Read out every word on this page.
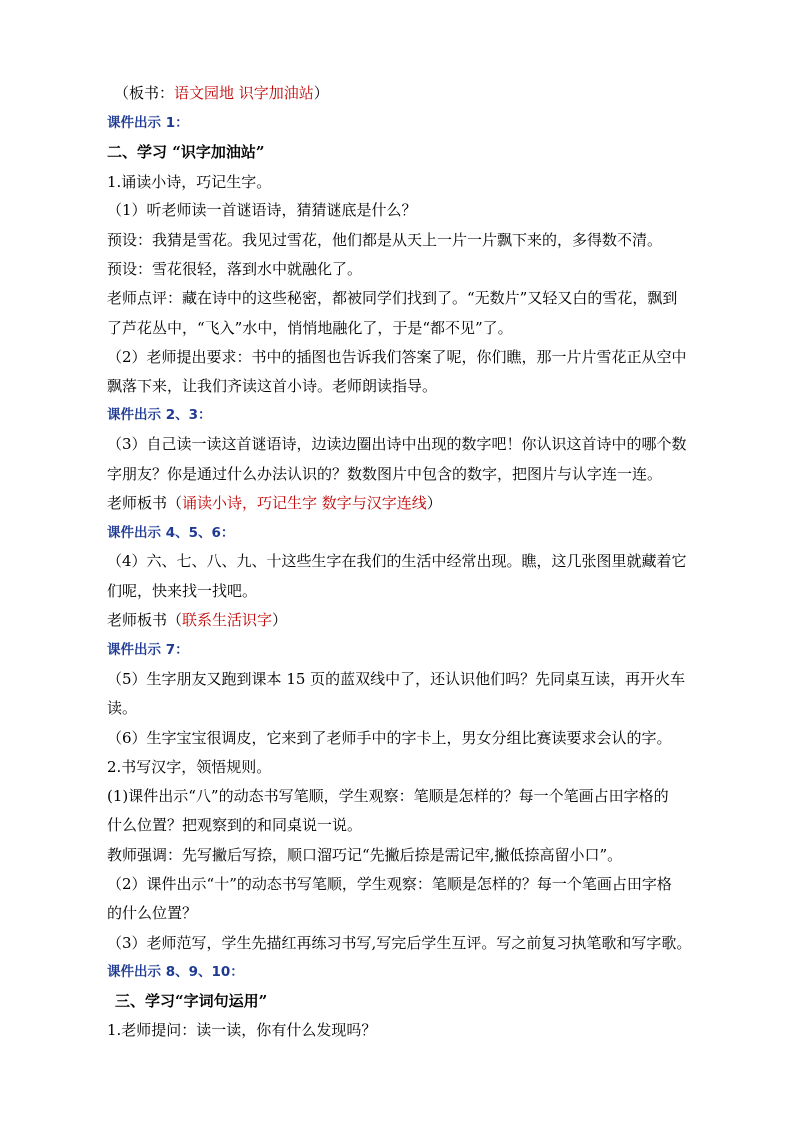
（板书：语文园地 识字加油站）
课件出示 1：
二、学习 “识字加油站”
1.诵读小诗，巧记生字。
（1）听老师读一首谜语诗，猜猜谜底是什么？
预设：我猜是雪花。我见过雪花，他们都是从天上一片一片飘下来的，多得数不清。
预设：雪花很轻，落到水中就融化了。
老师点评：藏在诗中的这些秘密，都被同学们找到了。“无数片”又轻又白的雪花，飘到
了芦花丛中，“飞入”水中，悄悄地融化了，于是“都不见”了。
（2）老师提出要求：书中的插图也告诉我们答案了呢，你们瞧，那一片片雪花正从空中
飘落下来，让我们齐读这首小诗。老师朗读指导。
课件出示 2、3：
（3）自己读一读这首谜语诗，边读边圈出诗中出现的数字吧！你认识这首诗中的哪个数
字朋友？你是通过什么办法认识的？数数图片中包含的数字，把图片与认字连一连。
老师板书（诵读小诗，巧记生字 数字与汉字连线）
课件出示 4、5、6：
（4）六、七、八、九、十这些生字在我们的生活中经常出现。瞧，这几张图里就藏着它
们呢，快来找一找吧。
老师板书（联系生活识字）
课件出示 7：
（5）生字朋友又跑到课本 15 页的蓝双线中了，还认识他们吗？先同桌互读，再开火车
读。
（6）生字宝宝很调皮，它来到了老师手中的字卡上，男女分组比赛读要求会认的字。
2.书写汉字，领悟规则。
(1)课件出示“八”的动态书写笔顺，学生观察：笔顺是怎样的？每一个笔画占田字格的
什么位置？把观察到的和同桌说一说。
教师强调：先写撇后写捺，顺口溜巧记“先撇后捺是需记牢,撇低捺高留小口”。
（2）课件出示“十”的动态书写笔顺，学生观察：笔顺是怎样的？每一个笔画占田字格
的什么位置？
（3）老师范写，学生先描红再练习书写,写完后学生互评。写之前复习执笔歌和写字歌。
课件出示 8、9、10：
三、学习“字词句运用”
1.老师提问：读一读，你有什么发现吗？
